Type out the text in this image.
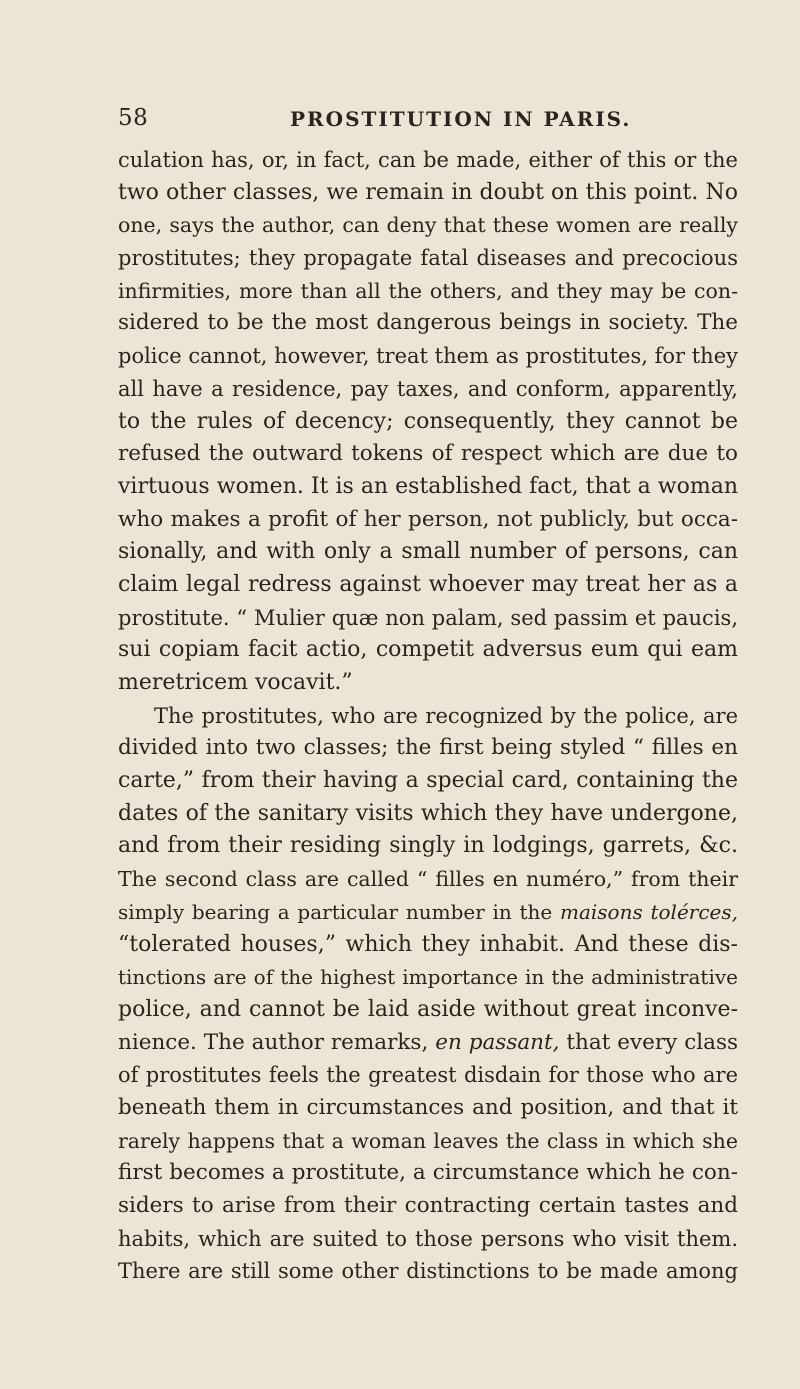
58	PROSTITUTION IN PARIS.
culation has, or, in fact, can be made, either of this or the
two other classes, we remain in doubt on this point. No
one, says the author, can deny that these women are really
prostitutes; they propagate fatal diseases and precocious
infirmities, more than all the others, and they may be con-
sidered to be the most dangerous beings in society. The
police cannot, however, treat them as prostitutes, for they
all have a residence, pay taxes, and conform, apparently,
to the rules of decency; consequently, they cannot be
refused the outward tokens of respect which are due to
virtuous women. It is an established fact, that a woman
who makes a profit of her person, not publicly, but occa-
sionally, and with only a small number of persons, can
claim legal redress against whoever may treat her as a
prostitute. “ Mulier quæ non palam, sed passim et paucis,
sui copiam facit actio, competit adversus eum qui eam
meretricem vocavit.”
The prostitutes, who are recognized by the police, are
divided into two classes; the first being styled “ filles en
carte,” from their having a special card, containing the
dates of the sanitary visits which they have undergone,
and from their residing singly in lodgings, garrets, &c.
The second class are called “ filles en numéro,” from their
simply bearing a particular number in the maisons tolérces,
“tolerated houses,” which they inhabit. And these dis-
tinctions are of the highest importance in the administrative
police, and cannot be laid aside without great inconve-
nience. The author remarks, en passant, that every class
of prostitutes feels the greatest disdain for those who are
beneath them in circumstances and position, and that it
rarely happens that a woman leaves the class in which she
first becomes a prostitute, a circumstance which he con-
siders to arise from their contracting certain tastes and
habits, which are suited to those persons who visit them.
There are still some other distinctions to be made among
